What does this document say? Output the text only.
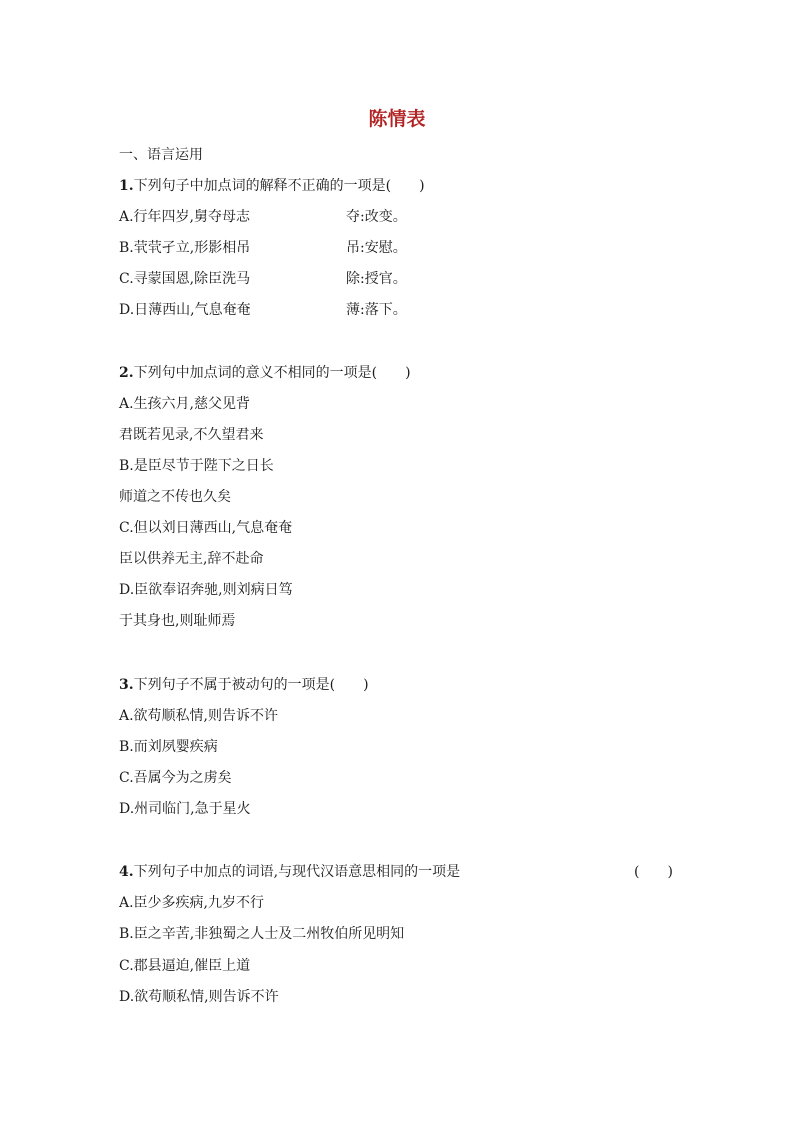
陈情表
一、语言运用
1.下列句子中加点词的解释不正确的一项是(　　)
A.行年四岁,舅夺母志	夺:改变。
B.茕茕孑立,形影相吊	吊:安慰。
C.寻蒙国恩,除臣洗马	除:授官。
D.日薄西山,气息奄奄	薄:落下。
2.下列句中加点词的意义不相同的一项是(　　)
A.生孩六月,慈父见背
君既若见录,不久望君来
B.是臣尽节于陛下之日长
师道之不传也久矣
C.但以刘日薄西山,气息奄奄
臣以供养无主,辞不赴命
D.臣欲奉诏奔驰,则刘病日笃
于其身也,则耻师焉
3.下列句子不属于被动句的一项是(　　)
A.欲苟顺私情,则告诉不许
B.而刘夙婴疾病
C.吾属今为之虏矣
D.州司临门,急于星火
4.下列句子中加点的词语,与现代汉语意思相同的一项是	(　　)
A.臣少多疾病,九岁不行
B.臣之辛苦,非独蜀之人士及二州牧伯所见明知
C.郡县逼迫,催臣上道
D.欲苟顺私情,则告诉不许
